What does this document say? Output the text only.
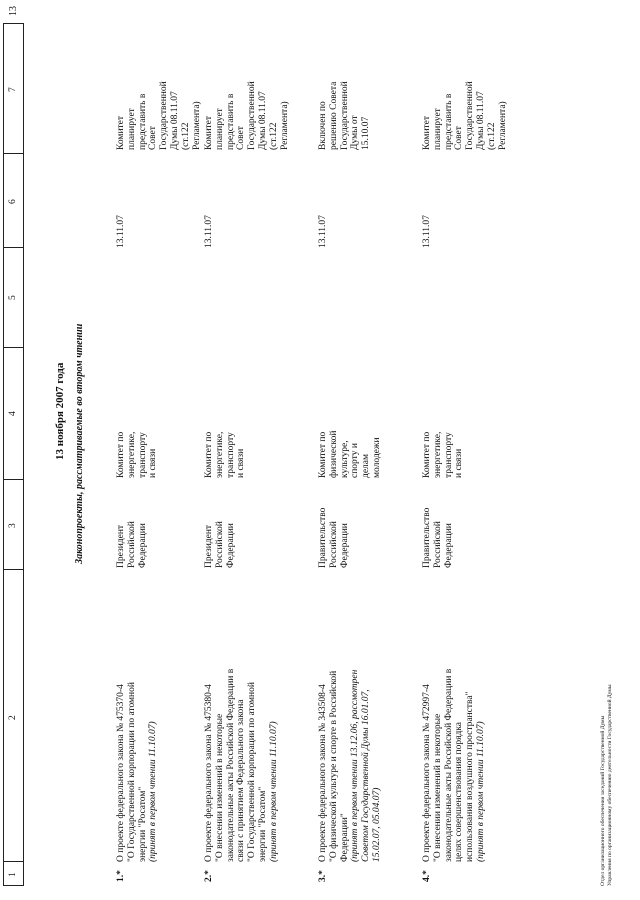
1
2
3
4
5
6
7
13
13 ноября 2007 года Законопроекты, рассматриваемые во втором чтении
1.*
О проекте федерального закона № 475370-4 "О Государственной корпорации по атомной энергии "Росатом" (принят в первом чтении 11.10.07)
Президент Российской Федерации
Комитет по энергетике, транспорту и связи
13.11.07
Комитет планирует представить в Совет Государственной Думы 08.11.07 (ст.122 Регламента)
2.*
О проекте федерального закона № 475380-4 "О внесении изменений в некоторые законодательные акты Российской Федерации в связи с принятием Федерального закона "О Государственной корпорации по атомной энергии "Росатом" (принят в первом чтении 11.10.07)
Президент Российской Федерации
Комитет по энергетике, транспорту и связи
13.11.07
Комитет планирует представить в Совет Государственной Думы 08.11.07 (ст.122 Регламента)
3.*
О проекте федерального закона № 343508-4 "О физической культуре и спорте в Российской Федерации" (принят в первом чтении 13.12.06, рассмотрен Советом Государственной Думы 16.01.07, 15.02.07, 05.04.07)
Правительство Российской Федерации
Комитет по физической культуре, спорту и делам молодежи
13.11.07
Включен по решению Совета Государственной Думы от 15.10.07
4.*
О проекте федерального закона № 472997-4 "О внесении изменений в некоторые законодательные акты Российской Федерации в целях совершенствования порядка использования воздушного пространства" (принят в первом чтении 11.10.07)
Правительство Российской Федерации
Комитет по энергетике, транспорту и связи
13.11.07
Комитет планирует представить в Совет Государственной Думы 08.11.07 (ст.122 Регламента)
Отдел организационного обеспечения заседаний Государственной Думы Управления по организационному обеспечению деятельности Государственной Думы
